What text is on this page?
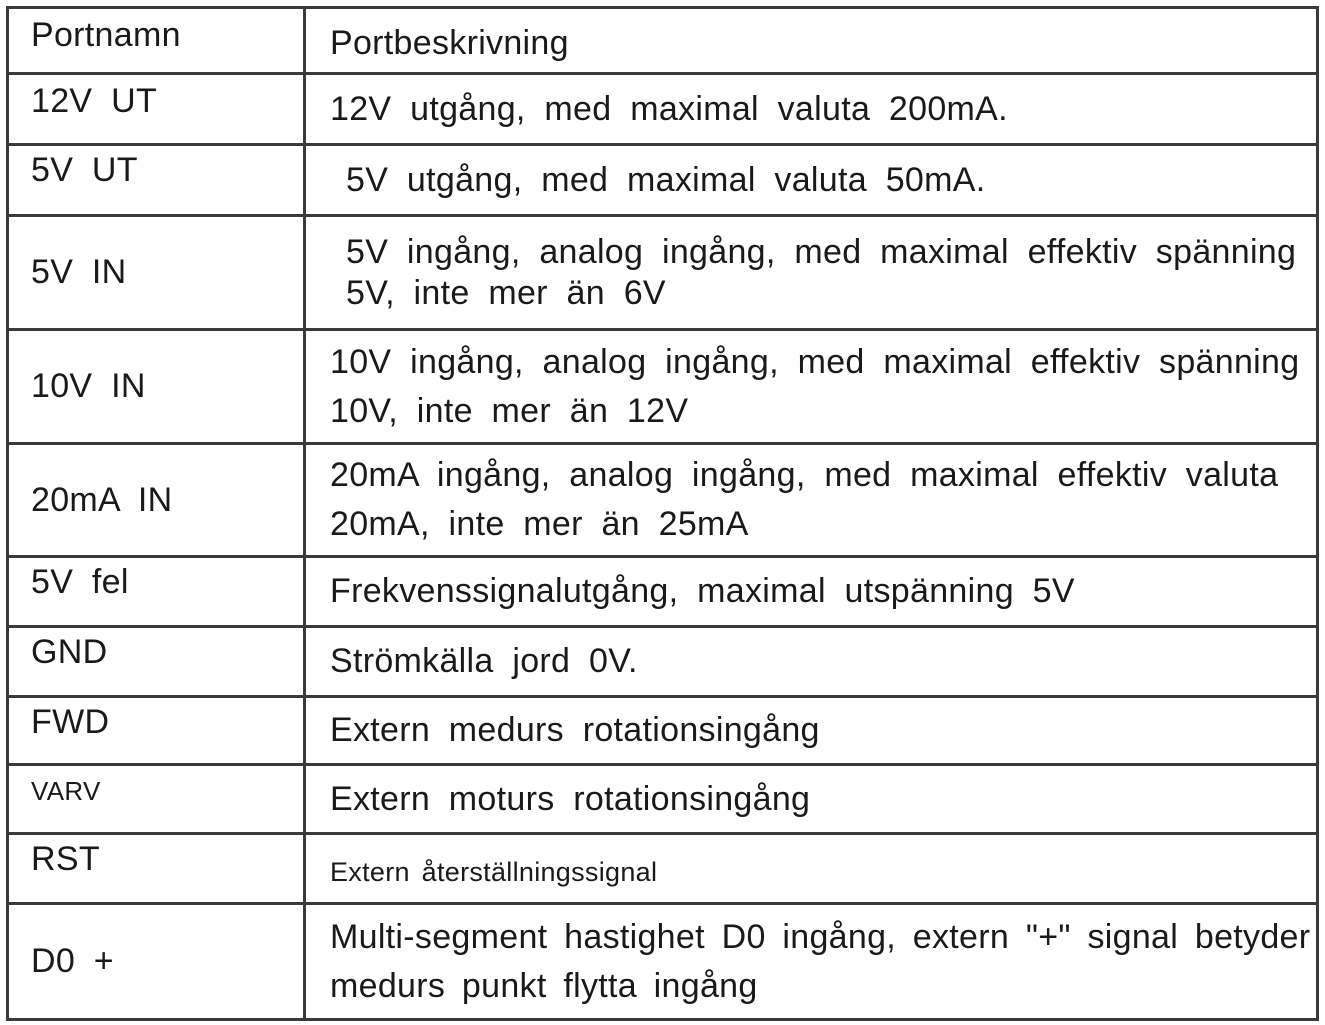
Portnamn	Portbeskrivning
12V UT	12V utgång, med maximal valuta 200mA.

5V UT	5V utgång, med maximal valuta 50mA.

5V IN	5V ingång, analog ingång, med maximal effektiv spänning
5V, inte mer än 6V

10V IN	10V ingång, analog ingång, med maximal effektiv spänning
10V, inte mer än 12V

20mA IN	20mA ingång, analog ingång, med maximal effektiv valuta
20mA, inte mer än 25mA

5V fel	Frekvenssignalutgång, maximal utspänning 5V

GND	Strömkälla jord 0V.

FWD	Extern medurs rotationsingång

VARV	Extern moturs rotationsingång

RST	Extern återställningssignal

D0 +	Multi-segment hastighet D0 ingång, extern "+" signal betyder
medurs punkt flytta ingång
